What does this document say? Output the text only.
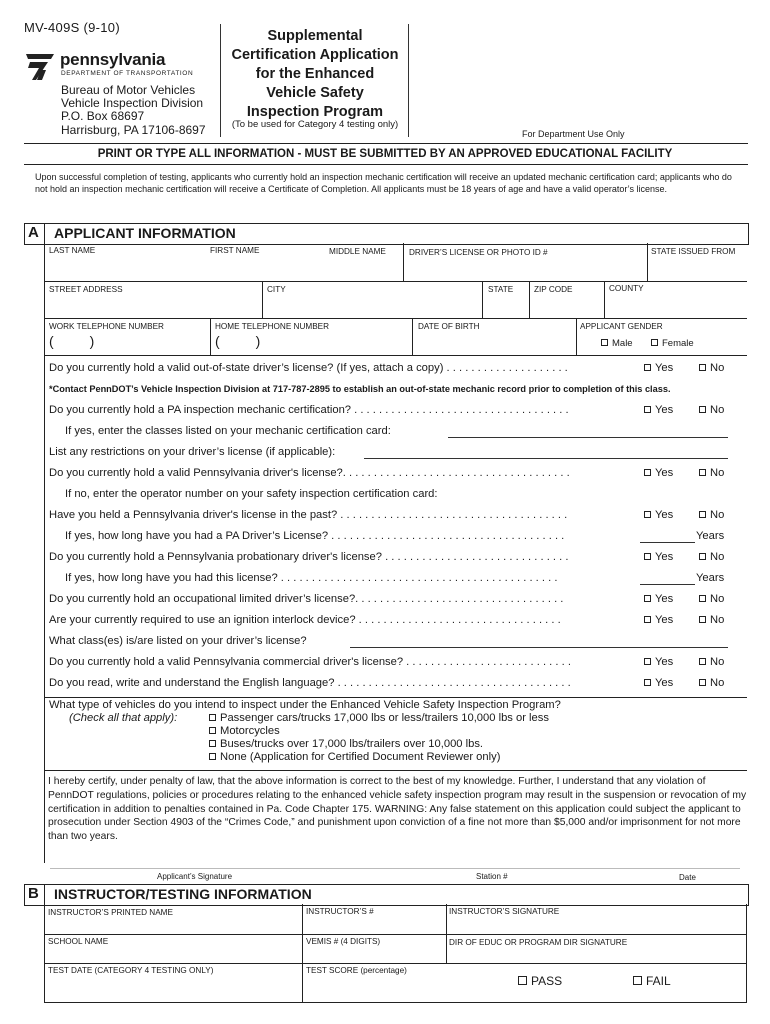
MV-409S (9-10)
pennsylvania
DEPARTMENT OF TRANSPORTATION
Bureau of Motor Vehicles
Vehicle Inspection Division
P.O. Box 68697
Harrisburg, PA 17106-8697
Supplemental
Certification Application
for the Enhanced
Vehicle Safety
Inspection Program
(To be used for Category 4 testing only)
For Department Use Only
PRINT OR TYPE ALL INFORMATION - MUST BE SUBMITTED BY AN APPROVED EDUCATIONAL FACILITY
Upon successful completion of testing, applicants who currently hold an inspection mechanic certification will receive an updated mechanic certification card; applicants who do not hold an inspection mechanic certification will receive a Certificate of Completion. All applicants must be 18 years of age and have a valid operator’s license.
A APPLICANT INFORMATION
LAST NAME	FIRST NAME	MIDDLE NAME	DRIVER’S LICENSE OR PHOTO ID #	STATE ISSUED FROM
STREET ADDRESS	CITY	STATE	ZIP CODE	COUNTY
WORK TELEPHONE NUMBER	HOME TELEPHONE NUMBER	DATE OF BIRTH	APPLICANT GENDER
(	)	(	)	Male	Female
Do you currently hold a valid out-of-state driver’s license? (If yes, attach a copy) . . . . . . . . . . . . . . . . . . . .	Yes	No
*Contact PennDOT’s Vehicle Inspection Division at 717-787-2895 to establish an out-of-state mechanic record prior to completion of this class.
Do you currently hold a PA inspection mechanic certification? . . . . . . . . . . . . . . . . . . . . . . . . . . . . . . . . . . .	Yes	No
If yes, enter the classes listed on your mechanic certification card:
List any restrictions on your driver’s license (if applicable):
Do you currently hold a valid Pennsylvania driver's license?. . . . . . . . . . . . . . . . . . . . . . . . . . . . . . . . . . . . .	Yes	No
If no, enter the operator number on your safety inspection certification card:
Have you held a Pennsylvania driver's license in the past? . . . . . . . . . . . . . . . . . . . . . . . . . . . . . . . . . . . . .	Yes	No
If yes, how long have you had a PA Driver’s License? . . . . . . . . . . . . . . . . . . . . . . . . . . . . . . . . . . . . . .	Years
Do you currently hold a Pennsylvania probationary driver's license? . . . . . . . . . . . . . . . . . . . . . . . . . . . . . .	Yes	No
If yes, how long have you had this license? . . . . . . . . . . . . . . . . . . . . . . . . . . . . . . . . . . . . . . . . . . . . .	Years
Do you currently hold an occupational limited driver’s license?. . . . . . . . . . . . . . . . . . . . . . . . . . . . . . . . . .	Yes	No
Are your currently required to use an ignition interlock device? . . . . . . . . . . . . . . . . . . . . . . . . . . . . . . . . .	Yes	No
What class(es) is/are listed on your driver’s license?
Do you currently hold a valid Pennsylvania commercial driver's license? . . . . . . . . . . . . . . . . . . . . . . . . . . .	Yes	No
Do you read, write and understand the English language? . . . . . . . . . . . . . . . . . . . . . . . . . . . . . . . . . . . . . .	Yes	No
What type of vehicles do you intend to inspect under the Enhanced Vehicle Safety Inspection Program?
(Check all that apply):	Passenger cars/trucks 17,000 lbs or less/trailers 10,000 lbs or less
Motorcycles
Buses/trucks over 17,000 lbs/trailers over 10,000 lbs.
None (Application for Certified Document Reviewer only)
I hereby certify, under penalty of law, that the above information is correct to the best of my knowledge. Further, I understand that any violation of PennDOT regulations, policies or procedures relating to the enhanced vehicle safety inspection program may result in the suspension or revocation of my certification in addition to penalties contained in Pa. Code Chapter 175. WARNING: Any false statement on this application could subject the applicant to prosecution under Section 4903 of the “Crimes Code,” and punishment upon conviction of a fine not more than $5,000 and/or imprisonment for not more than two years.
Applicant’s Signature	Station #	Date
B INSTRUCTOR/TESTING INFORMATION
INSTRUCTOR’S PRINTED NAME	INSTRUCTOR’S #	INSTRUCTOR’S SIGNATURE
SCHOOL NAME	VEMIS # (4 DIGITS)	DIR OF EDUC OR PROGRAM DIR SIGNATURE
TEST DATE (CATEGORY 4 TESTING ONLY)	TEST SCORE (percentage)
PASS	FAIL
